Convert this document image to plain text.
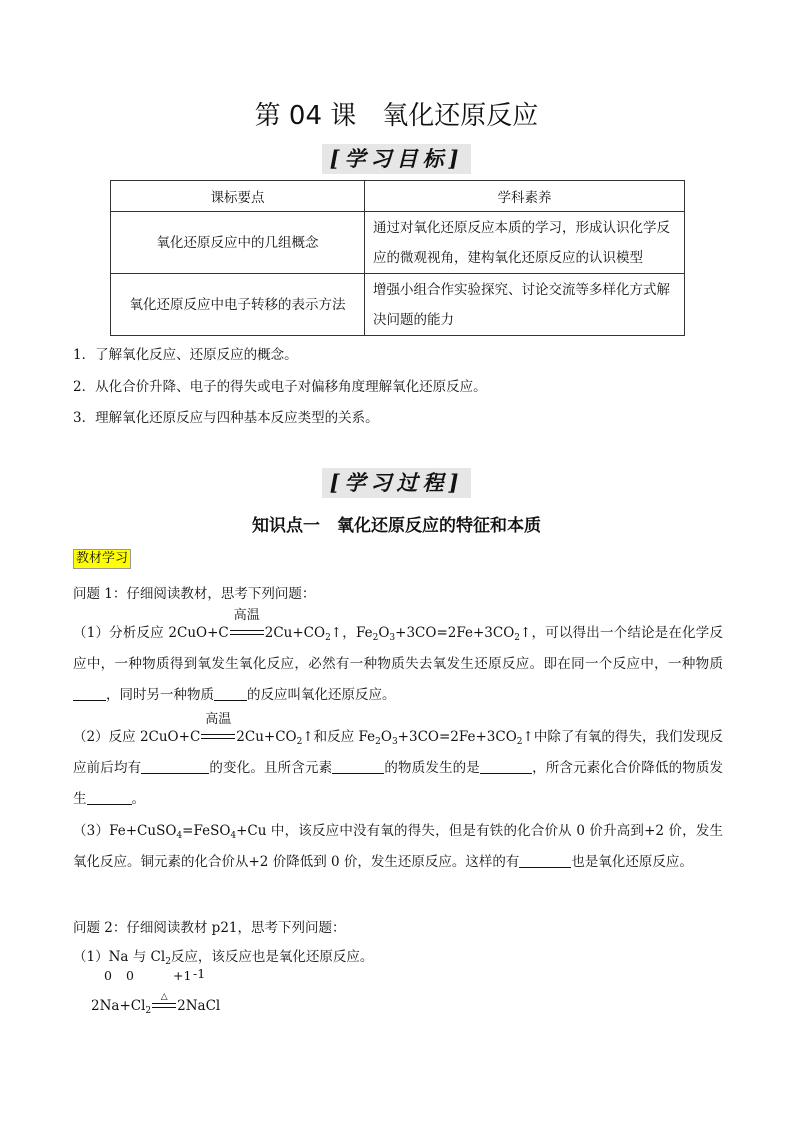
第 04 课 氧化还原反应
[学习目标]
课标要点	学科素养
氧化还原反应中的几组概念	通过对氧化还原反应本质的学习，形成认识化学反应的微观视角，建构氧化还原反应的认识模型
氧化还原反应中电子转移的表示方法	增强小组合作实验探究、讨论交流等多样化方式解决问题的能力
1．了解氧化反应、还原反应的概念。
2．从化合价升降、电子的得失或电子对偏移角度理解氧化还原反应。
3．理解氧化还原反应与四种基本反应类型的关系。
[学习过程]
知识点一　氧化还原反应的特征和本质
教材学习
问题 1：仔细阅读教材，思考下列问题：

（1）分析反应 2CuO+C
高温
$2Cu+CO_2↑$，$Fe_2O_3+3CO=2Fe+3CO_2↑$，可以得出一个结论是在化学反应中，一种物质得到氧发生氧化反应，必然有一种物质失去氧发生还原反应。即在同一个反应中，一种物质，同时另一种物质 的反应叫氧化还原反应。

（2）反应 2CuO+C
高温
$2Cu+CO_2↑$和反应 $Fe_2O_3+3CO=2Fe+3CO_2↑$中除了有氧的得失，我们发现反应前后均有	的变化。且所含元素	的物质发生的是	，所含元素化合价降低的物质发生	。

（3）Fe+CuSO$_4$=FeSO$_4$+Cu 中，该反应中没有氧的得失，但是有铁的化合价从 0 价升高到+2 价，发生氧化反应。铜元素的化合价从+2 价降低到 0 价，发生还原反应。这样的有	也是氧化还原反应。

问题 2：仔细阅读教材 p21，思考下列问题：
（1）Na 与 $Cl_2$反应，该反应也是氧化还原反应。
0 0	+1 -1
$2Na+Cl_2$
△
2NaCl
